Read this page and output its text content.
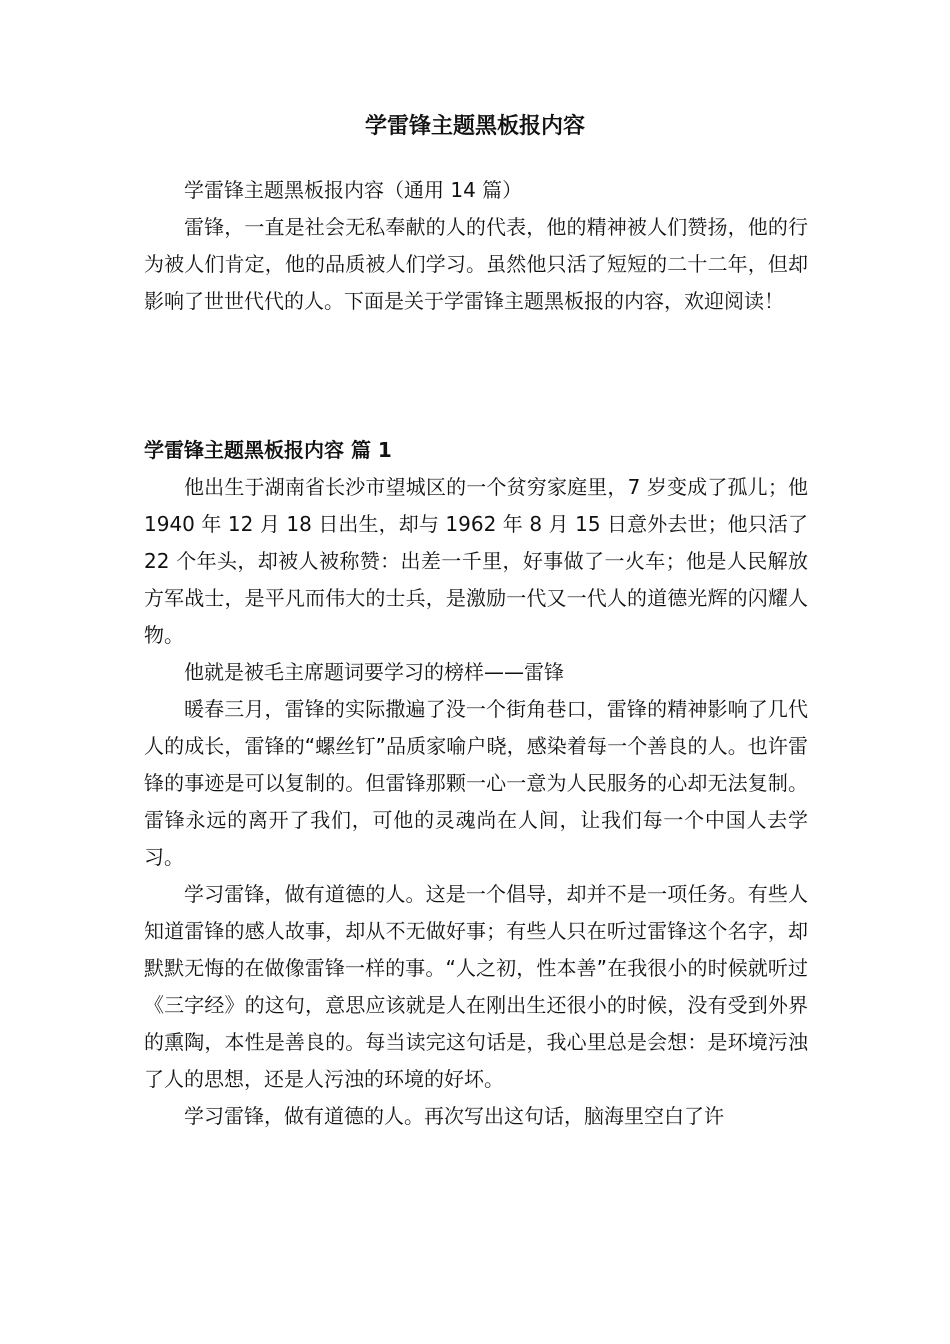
学雷锋主题黑板报内容

学雷锋主题黑板报内容（通用 14 篇）

雷锋，一直是社会无私奉献的人的代表，他的精神被人们赞扬，他的行为被人们肯定，他的品质被人们学习。虽然他只活了短短的二十二年，但却影响了世世代代的人。下面是关于学雷锋主题黑板报的内容，欢迎阅读！

学雷锋主题黑板报内容 篇 1

他出生于湖南省长沙市望城区的一个贫穷家庭里，7 岁变成了孤儿；他 1940 年 12 月 18 日出生，却与 1962 年 8 月 15 日意外去世；他只活了 22 个年头，却被人被称赞：出差一千里，好事做了一火车；他是人民解放方军战士，是平凡而伟大的士兵，是激励一代又一代人的道德光辉的闪耀人物。

他就是被毛主席题词要学习的榜样——雷锋

暖春三月，雷锋的实际撒遍了没一个街角巷口，雷锋的精神影响了几代人的成长，雷锋的“螺丝钉”品质家喻户晓，感染着每一个善良的人。也许雷锋的事迹是可以复制的。但雷锋那颗一心一意为人民服务的心却无法复制。雷锋永远的离开了我们，可他的灵魂尚在人间，让我们每一个中国人去学习。

学习雷锋，做有道德的人。这是一个倡导，却并不是一项任务。有些人知道雷锋的感人故事，却从不无做好事；有些人只在听过雷锋这个名字，却默默无悔的在做像雷锋一样的事。“人之初，性本善”在我很小的时候就听过《三字经》的这句，意思应该就是人在刚出生还很小的时候，没有受到外界的熏陶，本性是善良的。每当读完这句话是，我心里总是会想：是环境污浊了人的思想，还是人污浊的环境的好坏。

学习雷锋，做有道德的人。再次写出这句话，脑海里空白了许
